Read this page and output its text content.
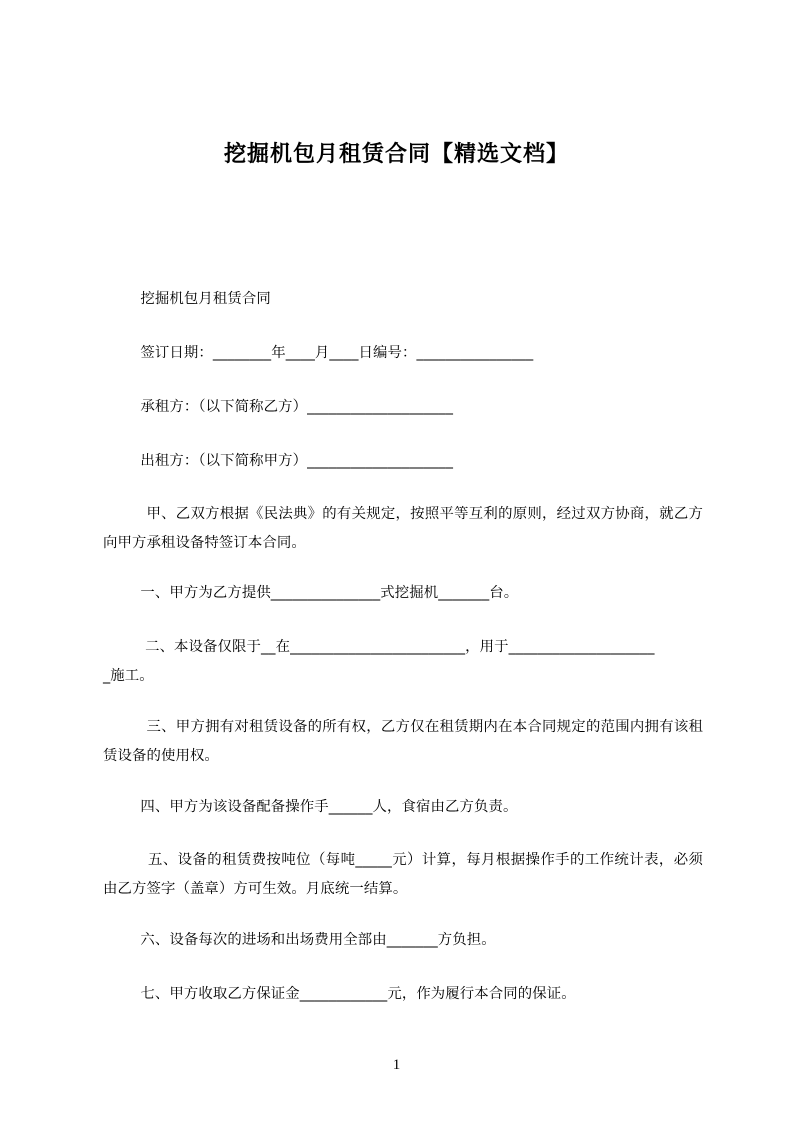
挖掘机包月租赁合同【精选文档】

挖掘机包月租赁合同

签订日期：________年____月____日编号：________________

承租方：（以下简称乙方）____________________

出租方：（以下简称甲方）____________________

甲、乙双方根据《民法典》的有关规定，按照平等互利的原则，经过双方协商，就乙方向甲方承租设备特签订本合同。

一、甲方为乙方提供_______________式挖掘机_______台。

二、本设备仅限于__在________________________，用于____________________
_施工。

三、甲方拥有对租赁设备的所有权，乙方仅在租赁期内在本合同规定的范围内拥有该租赁设备的使用权。

四、甲方为该设备配备操作手______人，食宿由乙方负责。

五、设备的租赁费按吨位（每吨_____元）计算，每月根据操作手的工作统计表，必须由乙方签字（盖章）方可生效。月底统一结算。

六、设备每次的进场和出场费用全部由_______方负担。

七、甲方收取乙方保证金____________元，作为履行本合同的保证。

1
